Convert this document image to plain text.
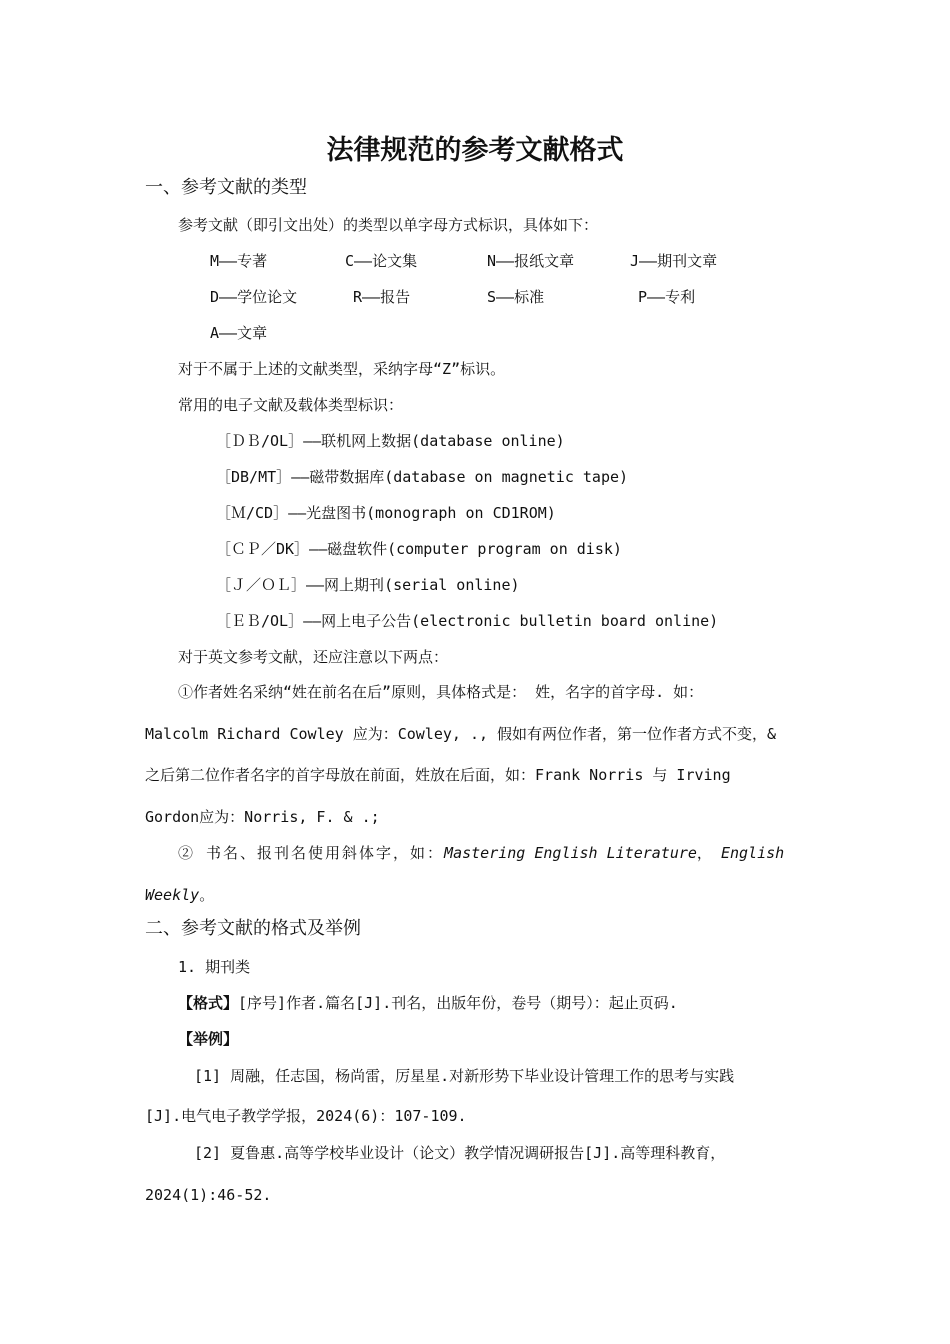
法律规范的参考文献格式
一、参考文献的类型
参考文献（即引文出处）的类型以单字母方式标识，具体如下：
M——专著	C——论文集	N——报纸文章	J——期刊文章
D——学位论文	R——报告	S——标准	P——专利
A——文章
对于不属于上述的文献类型，采纳字母“Z”标识。
常用的电子文献及载体类型标识：
［ＤＢ/OL］——联机网上数据(database online)
［DB/MT］——磁带数据库(database on magnetic tape)
［Ｍ/CD］——光盘图书(monograph on CD1ROM)
［ＣＰ／DK］——磁盘软件(computer program on disk)
［Ｊ／ＯＬ］——网上期刊(serial online)
［ＥＢ/OL］——网上电子公告(electronic bulletin board online)
对于英文参考文献，还应注意以下两点：
①作者姓名采纳“姓在前名在后”原则，具体格式是： 姓，名字的首字母. 如：
Malcolm Richard Cowley 应为：Cowley, ., 假如有两位作者，第一位作者方式不变，&
之后第二位作者名字的首字母放在前面，姓放在后面，如：Frank Norris 与 Irving
Gordon应为：Norris, F. & .;
② 书名、报刊名使用斜体字，如：Mastering English Literature， English
Weekly。
二、参考文献的格式及举例
1. 期刊类
【格式】[序号]作者.篇名[J].刊名，出版年份，卷号（期号）：起止页码.
【举例】
[1] 周融，任志国，杨尚雷，厉星星.对新形势下毕业设计管理工作的思考与实践
[J].电气电子教学学报，2024(6)：107-109.
[2] 夏鲁惠.高等学校毕业设计（论文）教学情况调研报告[J].高等理科教育，
2024(1):46-52.
